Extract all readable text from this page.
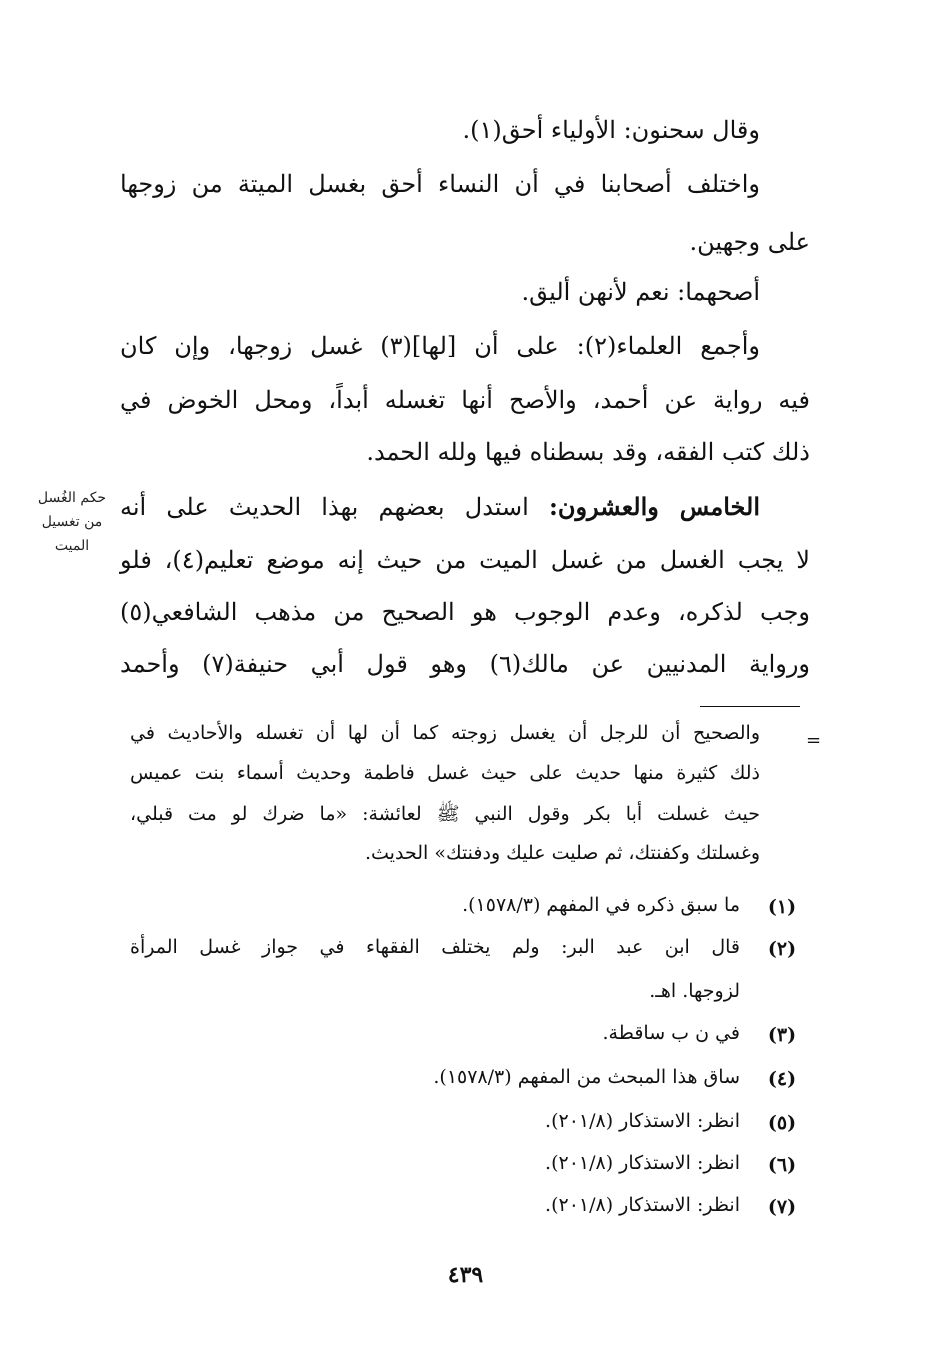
وقال سحنون: الأولياء أحق(١).
واختلف أصحابنا في أن النساء أحق بغسل الميتة من زوجها
على وجهين.
أصحهما: نعم لأنهن أليق.
وأجمع العلماء(٢): على أن [لها](٣) غسل زوجها، وإن كان
فيه رواية عن أحمد، والأصح أنها تغسله أبداً، ومحل الخوض في
ذلك كتب الفقه، وقد بسطناه فيها ولله الحمد.
الخامس والعشرون: استدل بعضهم بهذا الحديث على أنه
لا يجب الغسل من غسل الميت من حيث إنه موضع تعليم(٤)، فلو
وجب لذكره، وعدم الوجوب هو الصحيح من مذهب الشافعي(٥)
ورواية المدنيين عن مالك(٦) وهو قول أبي حنيفة(٧) وأحمد
حكم الغُسل
من تغسيل
الميت
=
والصحيح أن للرجل أن يغسل زوجته كما أن لها أن تغسله والأحاديث في
ذلك كثيرة منها حديث على حيث غسل فاطمة وحديث أسماء بنت عميس
حيث غسلت أبا بكر وقول النبي ﷺ لعائشة: «ما ضرك لو مت قبلي،
وغسلتك وكفنتك، ثم صليت عليك ودفنتك» الحديث.
(١)
ما سبق ذكره في المفهم (١٥٧٨/٣).
(٢)
قال ابن عبد البر: ولم يختلف الفقهاء في جواز غسل المرأة
لزوجها. اهـ.
(٣)
في ن ب ساقطة.
(٤)
ساق هذا المبحث من المفهم (١٥٧٨/٣).
(٥)
انظر: الاستذكار (٢٠١/٨).
(٦)
انظر: الاستذكار (٢٠١/٨).
(٧)
انظر: الاستذكار (٢٠١/٨).
٤٣٩
